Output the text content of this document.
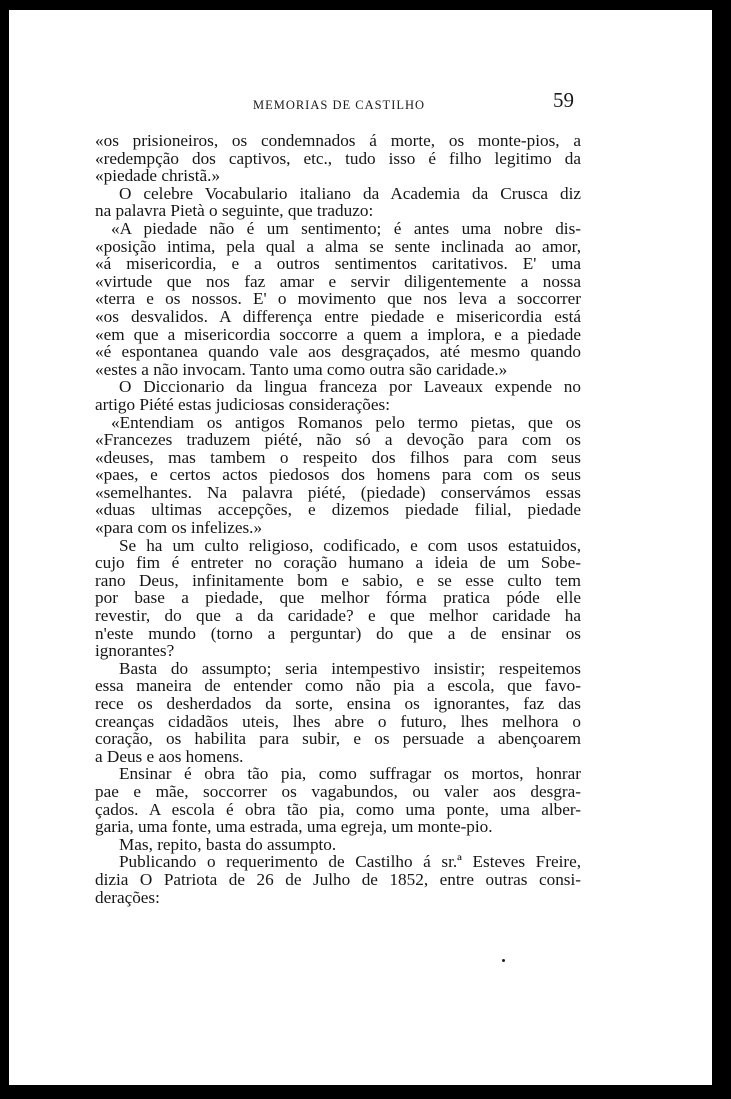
MEMORIAS DE CASTILHO	59
«os prisioneiros, os condemnados á morte, os monte-pios, a
«redempção dos captivos, etc., tudo isso é filho legitimo da
«piedade christã.»
O celebre Vocabulario italiano da Academia da Crusca diz
na palavra Pietà o seguinte, que traduzo:
«A piedade não é um sentimento; é antes uma nobre dis-
«posição intima, pela qual a alma se sente inclinada ao amor,
«á misericordia, e a outros sentimentos caritativos. E' uma
«virtude que nos faz amar e servir diligentemente a nossa
«terra e os nossos. E' o movimento que nos leva a soccorrer
«os desvalidos. A differença entre piedade e misericordia está
«em que a misericordia soccorre a quem a implora, e a piedade
«é espontanea quando vale aos desgraçados, até mesmo quando
«estes a não invocam. Tanto uma como outra são caridade.»
O Diccionario da lingua franceza por Laveaux expende no
artigo Piété estas judiciosas considerações:
«Entendiam os antigos Romanos pelo termo pietas, que os
«Francezes traduzem piété, não só a devoção para com os
«deuses, mas tambem o respeito dos filhos para com seus
«paes, e certos actos piedosos dos homens para com os seus
«semelhantes. Na palavra piété, (piedade) conservámos essas
«duas ultimas accepções, e dizemos piedade filial, piedade
«para com os infelizes.»
Se ha um culto religioso, codificado, e com usos estatuidos,
cujo fim é entreter no coração humano a ideia de um Sobe-
rano Deus, infinitamente bom e sabio, e se esse culto tem
por base a piedade, que melhor fórma pratica póde elle
revestir, do que a da caridade? e que melhor caridade ha
n'este mundo (torno a perguntar) do que a de ensinar os
ignorantes?
Basta do assumpto; seria intempestivo insistir; respeitemos
essa maneira de entender como não pia a escola, que favo-
rece os desherdados da sorte, ensina os ignorantes, faz das
creanças cidadãos uteis, lhes abre o futuro, lhes melhora o
coração, os habilita para subir, e os persuade a abençoarem
a Deus e aos homens.
Ensinar é obra tão pia, como suffragar os mortos, honrar
pae e mãe, soccorrer os vagabundos, ou valer aos desgra-
çados. A escola é obra tão pia, como uma ponte, uma alber-
garia, uma fonte, uma estrada, uma egreja, um monte-pio.
Mas, repito, basta do assumpto.
Publicando o requerimento de Castilho á sr.ª Esteves Freire,
dizia O Patriota de 26 de Julho de 1852, entre outras consi-
derações:
